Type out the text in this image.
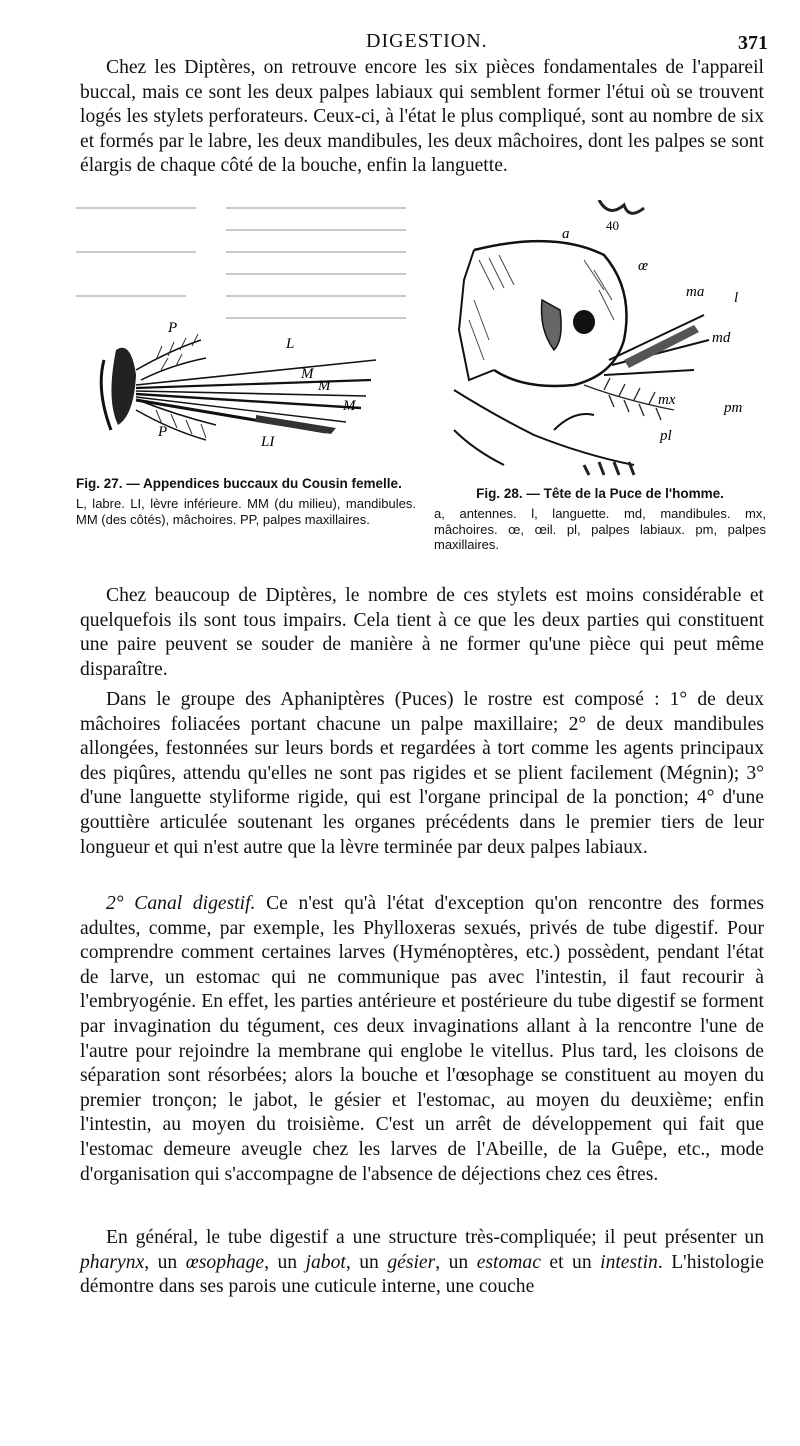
DIGESTION.	371

Chez les Diptères, on retrouve encore les six pièces fondamentales de l'appareil buccal, mais ce sont les deux palpes labiaux qui semblent former l'étui où se trouvent logés les stylets perforateurs. Ceux-ci, à l'état le plus compliqué, sont au nombre de six et formés par le labre, les deux mandibules, les deux mâchoires, dont les palpes se sont élargis de chaque côté de la bouche, enfin la languette.

P
L
M
M
M
P
LI
Fig. 27. — Appendices buccaux du Cousin femelle.
L, labre. LI, lèvre inférieure. MM (du milieu), mandibules. MM (des côtés), mâchoires. PP, palpes maxillaires.
a
40
œ
ma l
md
mx	pm
pl
Fig. 28. — Tête de la Puce de l'homme.
a, antennes. l, languette. md, mandibules. mx, mâchoires. œ, œil. pl, palpes labiaux. pm, palpes maxillaires.

Chez beaucoup de Diptères, le nombre de ces stylets est moins considérable et quelquefois ils sont tous impairs. Cela tient à ce que les deux parties qui constituent une paire peuvent se souder de manière à ne former qu'une pièce qui peut même disparaître.

Dans le groupe des Aphaniptères (Puces) le rostre est composé : 1° de deux mâchoires foliacées portant chacune un palpe maxillaire; 2° de deux mandibules allongées, festonnées sur leurs bords et regardées à tort comme les agents principaux des piqûres, attendu qu'elles ne sont pas rigides et se plient facilement (Mégnin); 3° d'une languette styliforme rigide, qui est l'organe principal de la ponction; 4° d'une gouttière articulée soutenant les organes précédents dans le premier tiers de leur longueur et qui n'est autre que la lèvre terminée par deux palpes labiaux.

2° Canal digestif. Ce n'est qu'à l'état d'exception qu'on rencontre des formes adultes, comme, par exemple, les Phylloxeras sexués, privés de tube digestif. Pour comprendre comment certaines larves (Hyménoptères, etc.) possèdent, pendant l'état de larve, un estomac qui ne communique pas avec l'intestin, il faut recourir à l'embryogénie. En effet, les parties antérieure et postérieure du tube digestif se forment par invagination du tégument, ces deux invaginations allant à la rencontre l'une de l'autre pour rejoindre la membrane qui englobe le vitellus. Plus tard, les cloisons de séparation sont résorbées; alors la bouche et l'œsophage se constituent au moyen du premier tronçon; le jabot, le gésier et l'estomac, au moyen du deuxième; enfin l'intestin, au moyen du troisième. C'est un arrêt de développement qui fait que l'estomac demeure aveugle chez les larves de l'Abeille, de la Guêpe, etc., mode d'organisation qui s'accompagne de l'absence de déjections chez ces êtres.

En général, le tube digestif a une structure très-compliquée; il peut présenter un pharynx, un œsophage, un jabot, un gésier, un estomac et un intestin. L'histologie démontre dans ses parois une cuticule interne, une couche
